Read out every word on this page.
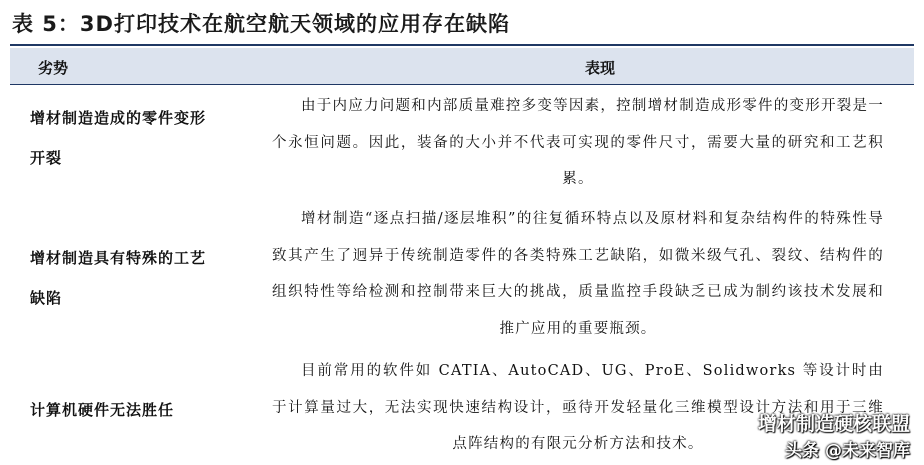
表 5：3D打印技术在航空航天领域的应用存在缺陷
劣势	表现
增材制造造成的零件变形
开裂

由于内应力问题和内部质量难控多变等因素，控制增材制造成形零件的变形开裂是一个永恒问题。因此，装备的大小并不代表可实现的零件尺寸，需要大量的研究和工艺积累。

增材制造具有特殊的工艺
缺陷

增材制造“逐点扫描/逐层堆积”的往复循环特点以及原材料和复杂结构件的特殊性导致其产生了迥异于传统制造零件的各类特殊工艺缺陷，如微米级气孔、裂纹、结构件的组织特性等给检测和控制带来巨大的挑战，质量监控手段缺乏已成为制约该技术发展和推广应用的重要瓶颈。

计算机硬件无法胜任

目前常用的软件如 CATIA、AutoCAD、UG、ProE、Solidworks 等设计时由于计算量过大，无法实现快速结构设计，亟待开发轻量化三维模型设计方法和用于三维点阵结构的有限元分析方法和技术。

增材制造硬核联盟
头条 @未来智库
